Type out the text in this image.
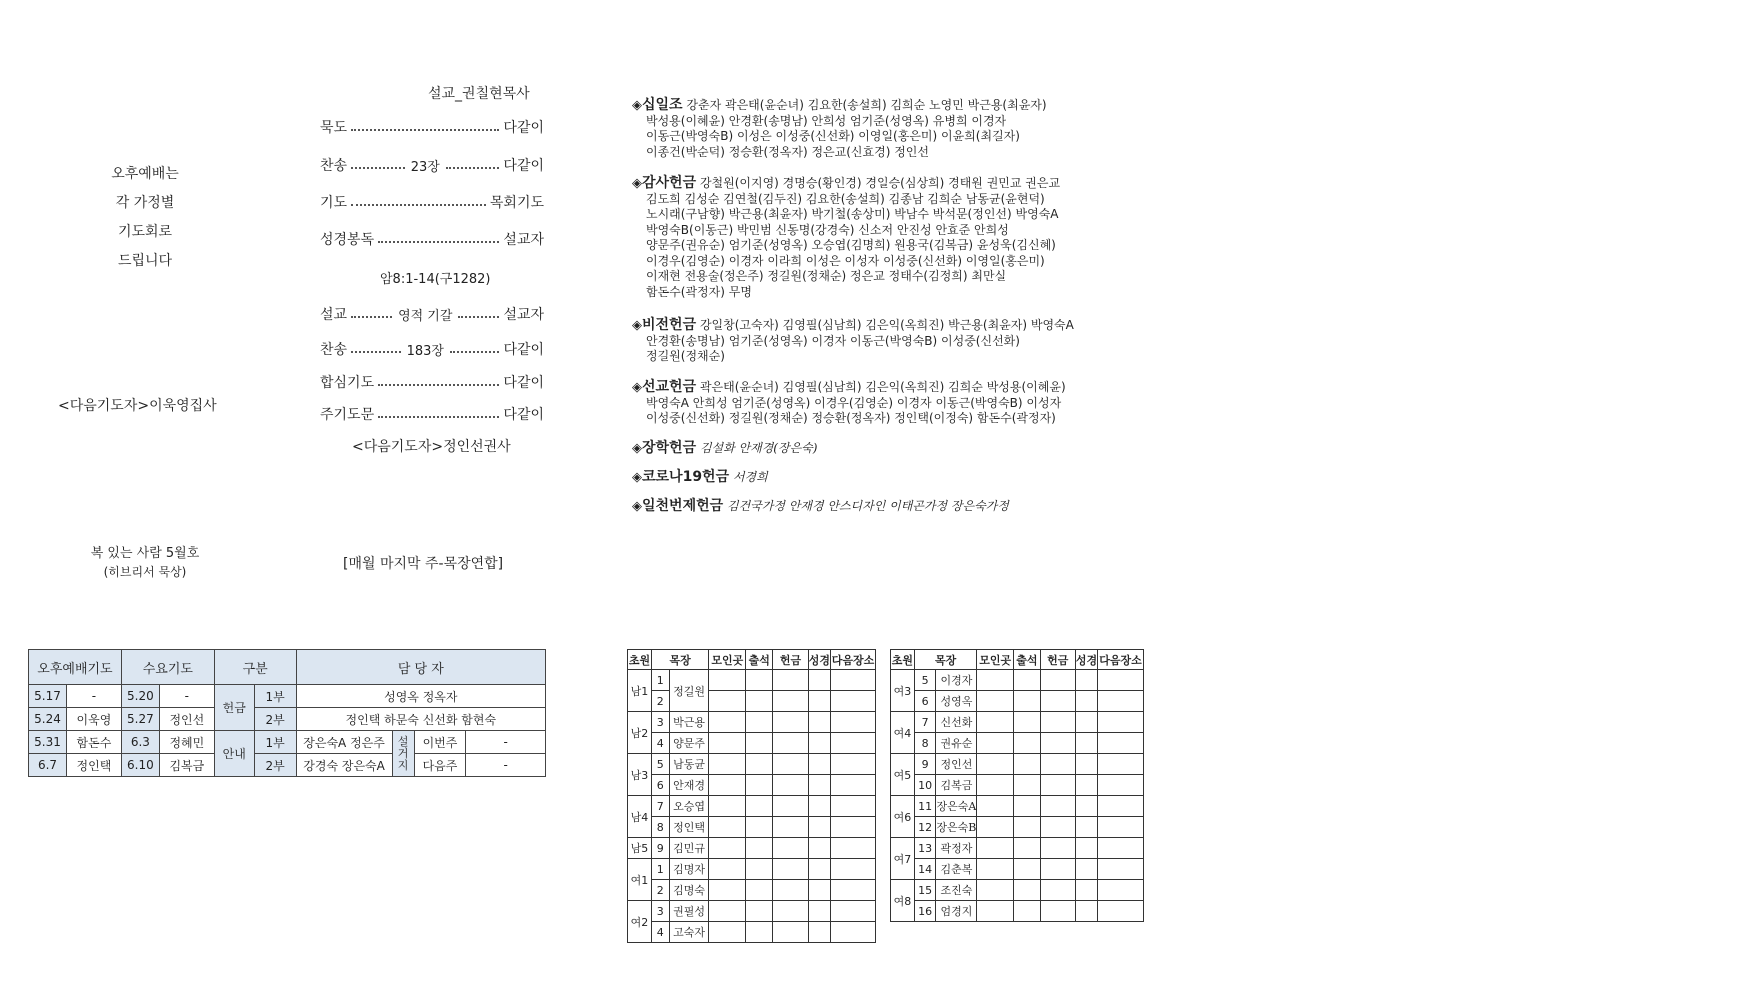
오후예배는
각 가정별
기도회로
드립니다
<다음기도자>이욱영집사
복 있는 사람 5월호
(히브리서 묵상)
설교_권칠현목사
묵도	다같이
찬송	23장	다같이
기도	목회기도
성경봉독	설교자
암8:1-14(구1282)
설교	영적 기갈	설교자
찬송	183장	다같이
합심기도	다같이
주기도문	다같이
<다음기도자>정인선권사
[매월 마지막 주-목장연합]
◈십일조 강춘자 곽은태(윤순녀) 김요한(송설희) 김희순 노영민 박근용(최윤자)
박성용(이혜윤) 안경환(송명남) 안희성 엄기준(성영옥) 유병희 이경자
이동근(박영숙B) 이성은 이성중(신선화) 이영일(홍은미) 이윤희(최길자)
이종건(박순덕) 정승환(정옥자) 정은교(신효경) 정인선
◈감사헌금 강철원(이지영) 경명승(황인경) 경일승(심상희) 경태원 권민교 권은교
김도희 김성순 김연철(김두진) 김요한(송설희) 김종남 김희순 남동균(윤현덕)
노시래(구남향) 박근용(최윤자) 박기철(송상미) 박남수 박석문(정인선) 박영숙A
박영숙B(이동근) 박민범 신동명(강경숙) 신소저 안진성 안효준 안희성
양문주(권유순) 엄기준(성영옥) 오승엽(김명희) 원용국(김복금) 윤성욱(김신혜)
이경우(김영순) 이경자 이라희 이성은 이성자 이성중(신선화) 이영일(홍은미)
이재현 전용술(정은주) 정길원(정채순) 정은교 정태수(김정희) 최만실
함돈수(곽정자) 무명
◈비전헌금 강일창(고숙자) 김영필(심남희) 김은익(옥희진) 박근용(최윤자) 박영숙A
안경환(송명남) 엄기준(성영옥) 이경자 이동근(박영숙B) 이성중(신선화)
정길원(정채순)
◈선교헌금 곽은태(윤순녀) 김영필(심남희) 김은익(옥희진) 김희순 박성용(이혜윤)
박영숙A 안희성 엄기준(성영옥) 이경우(김영순) 이경자 이동근(박영숙B) 이성자
이성중(신선화) 정길원(정채순) 정승환(정옥자) 정인택(이정숙) 함돈수(곽정자)
◈장학헌금 김설화 안재경(장은숙)
◈코로나19헌금 서경희
◈일천번제헌금 김건국가정 안재경 안스디자인 이태곤가정 장은숙가정
오후예배기도		수요기도		구분		담 당 자			
5.17	-	5.20	-	헌금	1부	성영옥 정옥자			
5.24	이욱영	5.27	정인선		2부	정인택 하문숙 신선화 함현숙			
5.31	함돈수	6.3	정혜민	안내	1부	장은숙A 정은주	설거지	이번주	-
6.7	정인택	6.10	김복금		2부	강경숙 장은숙A		다음주	-
초원	목장		모인곳	출석	헌금	성경	다음장소
남1	1	정길원					
	2						
남2	3	박근용					
	4	양문주					
남3	5	남동균					
	6	안재경					
남4	7	오승엽					
	8	정인택					
남5	9	김민규					
여1	1	김명자					
	2	김명숙					
여2	3	권필성					
	4	고숙자					
초원	목장		모인곳	출석	헌금	성경	다음장소
여3	5	이경자					
	6	성영옥					
여4	7	신선화					
	8	권유순					
여5	9	정인선					
	10	김복금					
여6	11	장은숙A					
	12	장은숙B					
여7	13	곽정자					
	14	김춘복					
여8	15	조진숙					
	16	엄경지					
